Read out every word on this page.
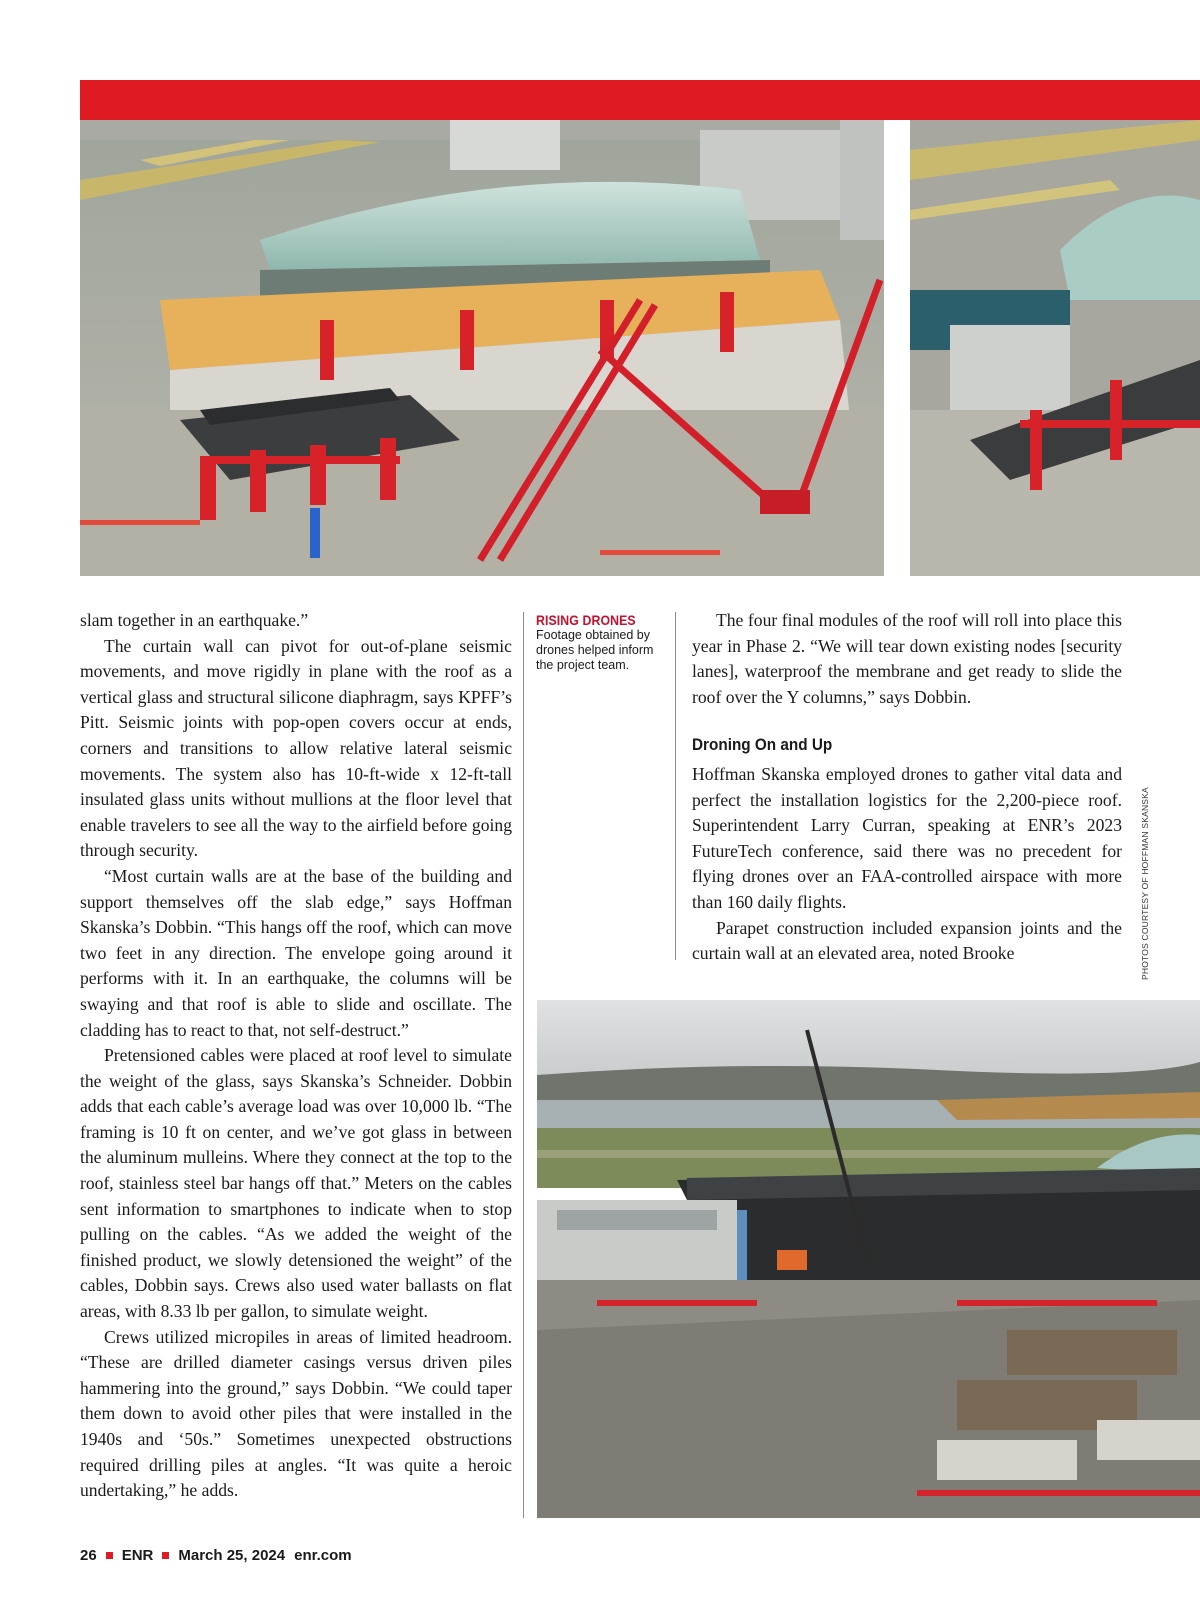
slam together in an earthquake.”

The curtain wall can pivot for out-of-plane seismic movements, and move rigidly in plane with the roof as a vertical glass and structural silicone diaphragm, says KPFF’s Pitt. Seismic joints with pop-open covers occur at ends, corners and transitions to allow relative lateral seismic movements. The system also has 10-ft-wide x 12-ft-tall insulated glass units without mullions at the floor level that enable travelers to see all the way to the airfield before going through security.

“Most curtain walls are at the base of the building and support themselves off the slab edge,” says Hoffman Skanska’s Dobbin. “This hangs off the roof, which can move two feet in any direction. The envelope going around it performs with it. In an earthquake, the columns will be swaying and that roof is able to slide and oscillate. The cladding has to react to that, not self-destruct.”

Pretensioned cables were placed at roof level to simulate the weight of the glass, says Skanska’s Schneider. Dobbin adds that each cable’s average load was over 10,000 lb. “The framing is 10 ft on center, and we’ve got glass in between the aluminum mulleins. Where they connect at the top to the roof, stainless steel bar hangs off that.” Meters on the cables sent information to smartphones to indicate when to stop pulling on the cables. “As we added the weight of the finished product, we slowly detensioned the weight” of the cables, Dobbin says. Crews also used water ballasts on flat areas, with 8.33 lb per gallon, to simulate weight.

Crews utilized micropiles in areas of limited headroom. “These are drilled diameter casings versus driven piles hammering into the ground,” says Dobbin. “We could taper them down to avoid other piles that were installed in the 1940s and ‘50s.” Sometimes unexpected obstructions required drilling piles at angles. “It was quite a heroic undertaking,” he adds.

RISING DRONES
Footage obtained by drones helped inform the project team.

The four final modules of the roof will roll into place this year in Phase 2. “We will tear down existing nodes [security lanes], waterproof the membrane and get ready to slide the roof over the Y columns,” says Dobbin.

Droning On and Up

Hoffman Skanska employed drones to gather vital data and perfect the installation logistics for the 2,200-piece roof. Superintendent Larry Curran, speaking at ENR’s 2023 FutureTech conference, said there was no precedent for flying drones over an FAA-controlled airspace with more than 160 daily flights.

Parapet construction included expansion joints and the curtain wall at an elevated area, noted Brooke	PHOTOS COURTESY OF HOFFMAN SKANSKA
26 ENR March 25, 2024 enr.com
